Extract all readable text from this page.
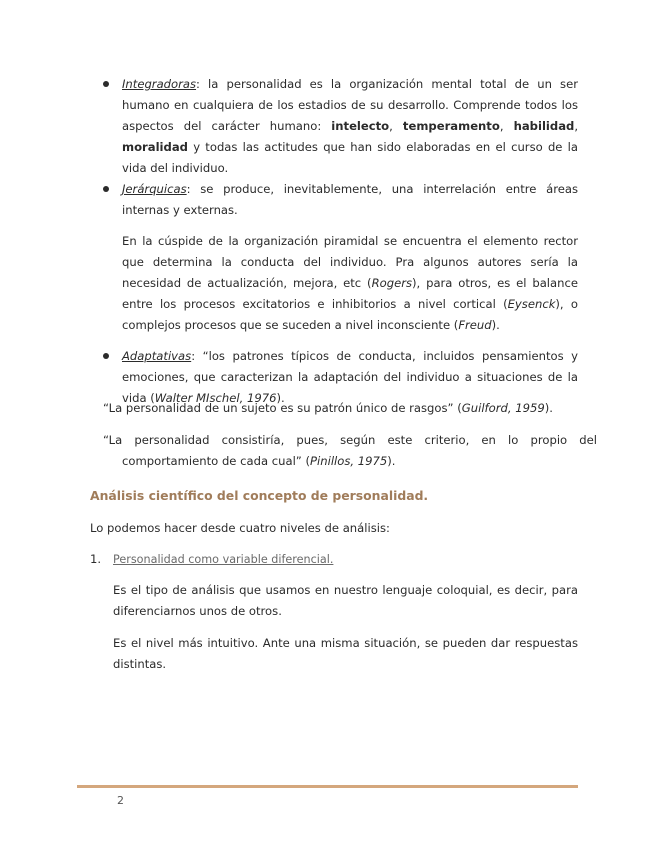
Integradoras: la personalidad es la organización mental total de un ser humano en cualquiera de los estadios de su desarrollo. Comprende todos los aspectos del carácter humano: intelecto, temperamento, habilidad, moralidad y todas las actitudes que han sido elaboradas en el curso de la vida del individuo.
Jerárquicas: se produce, inevitablemente, una interrelación entre áreas internas y externas.
En la cúspide de la organización piramidal se encuentra el elemento rector que determina la conducta del individuo. Pra algunos autores sería la necesidad de actualización, mejora, etc (Rogers), para otros, es el balance entre los procesos excitatorios e inhibitorios a nivel cortical (Eysenck), o complejos procesos que se suceden a nivel inconsciente (Freud).
Adaptativas: “los patrones típicos de conducta, incluidos pensamientos y emociones, que caracterizan la adaptación del individuo a situaciones de la vida (Walter MIschel, 1976).
“La personalidad de un sujeto es su patrón único de rasgos” (Guilford, 1959).
“La personalidad consistiría, pues, según este criterio, en lo propio del comportamiento de cada cual” (Pinillos, 1975).
Análisis científico del concepto de personalidad.
Lo podemos hacer desde cuatro niveles de análisis:
1. Personalidad como variable diferencial.
Es el tipo de análisis que usamos en nuestro lenguaje coloquial, es decir, para diferenciarnos unos de otros.
Es el nivel más intuitivo. Ante una misma situación, se pueden dar respuestas distintas.
2
